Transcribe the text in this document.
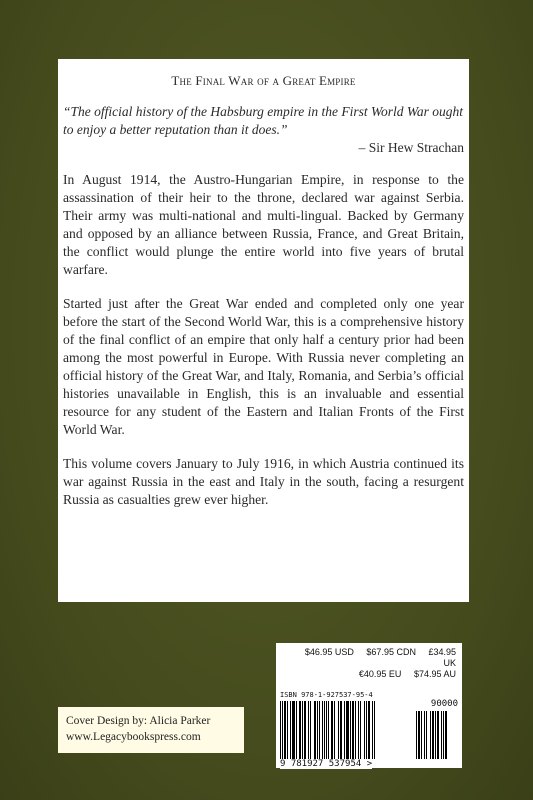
The Final War of a Great Empire

“The official history of the Habsburg empire in the First World War ought to enjoy a better reputation than it does.”

– Sir Hew Strachan

In August 1914, the Austro-Hungarian Empire, in response to the assassination of their heir to the throne, declared war against Serbia. Their army was multi-national and multi-lingual. Backed by Germany and opposed by an alliance between Russia, France, and Great Britain, the conflict would plunge the entire world into five years of brutal warfare.

Started just after the Great War ended and completed only one year before the start of the Second World War, this is a comprehensive history of the final conflict of an empire that only half a century prior had been among the most powerful in Europe. With Russia never completing an official history of the Great War, and Italy, Romania, and Serbia’s official histories unavailable in English, this is an invaluable and essential resource for any student of the Eastern and Italian Fronts of the First World War.

This volume covers January to July 1916, in which Austria continued its war against Russia in the east and Italy in the south, facing a resurgent Russia as casualties grew ever higher.

$46.95 USD $67.95 CDN £34.95 UK
€40.95 EU $74.95 AU
ISBN 978-1-927537-95-4
9 781927 537954 >
90000
Cover Design by: Alicia Parker
www.Legacybookspress.com
